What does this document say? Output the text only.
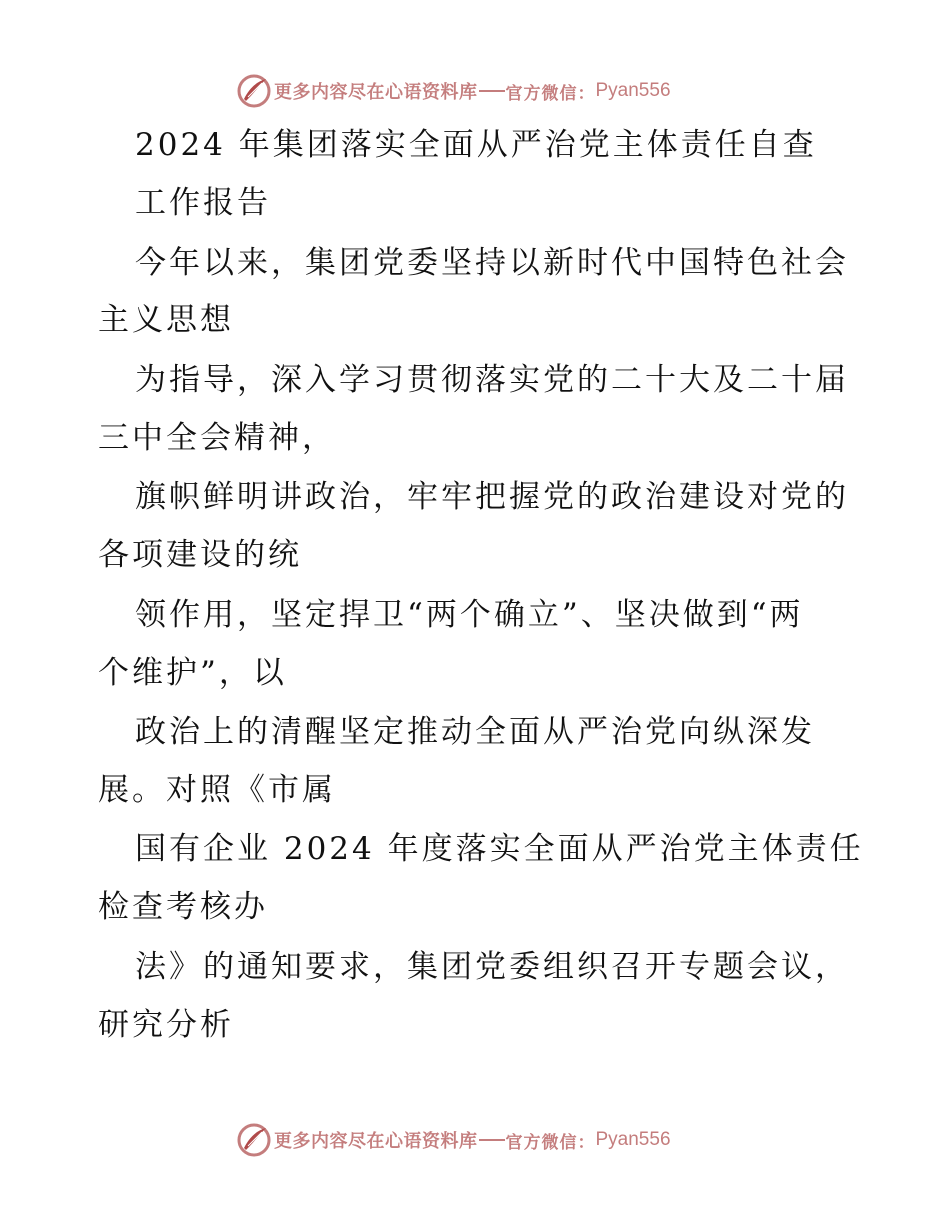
更多内容尽在心语资料库 官方微信： Pyan556
2024 年集团落实全面从严治党主体责任自查
工作报告
今年以来，集团党委坚持以新时代中国特色社会
主义思想
为指导，深入学习贯彻落实党的二十大及二十届
三中全会精神，
旗帜鲜明讲政治，牢牢把握党的政治建设对党的
各项建设的统
领作用，坚定捍卫“两个确立”、坚决做到“两
个维护”，以
政治上的清醒坚定推动全面从严治党向纵深发
展。对照《市属
国有企业 2024 年度落实全面从严治党主体责任
检查考核办
法》的通知要求，集团党委组织召开专题会议，
研究分析
更多内容尽在心语资料库 官方微信： Pyan556
